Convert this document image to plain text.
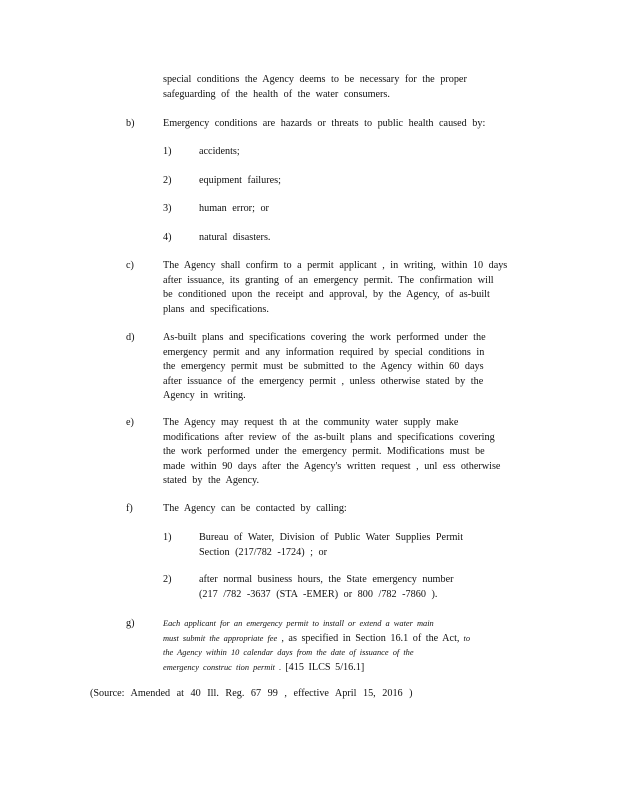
special conditions the Agency deems to be necessary for the proper
safeguarding of the health of the water consumers.
b)	Emergency conditions are hazards or threats to public health caused by:
1)	accidents;
2)	equipment failures;
3)	human error; or
4)	natural disasters.
c)	The Agency shall confirm to a permit applicant , in writing, within 10 days
after issuance, its granting of an emergency permit. The confirmation will
be conditioned upon the receipt and approval, by the Agency, of as-built
plans and specifications.
d)	As-built plans and specifications covering the work performed under the
emergency permit and any information required by special conditions in
the emergency permit must be submitted to the Agency within 60 days
after issuance of the emergency permit , unless otherwise stated by the
Agency in writing.
e)	The Agency may request th at the community water supply make
modifications after review of the as-built plans and specifications covering
the work performed under the emergency permit. Modifications must be
made within 90 days after the Agency's written request , unl ess otherwise
stated by the Agency.
f)	The Agency can be contacted by calling:
1)	Bureau of Water, Division of Public Water Supplies Permit
Section (217/782 -1724) ; or
2)	after normal business hours, the State emergency number
(217 /782 -3637 (STA -EMER) or 800 /782 -7860 ).
g)	Each applicant for an emergency permit to install or extend a water main
must submit the appropriate fee , as specified in Section 16.1 of the Act, to
the Agency within 10 calendar days from the date of issuance of the
emergency construc tion permit . [415 ILCS 5/16.1]
(Source: Amended at 40 Ill. Reg. 67 99 , effective April 15, 2016 )
